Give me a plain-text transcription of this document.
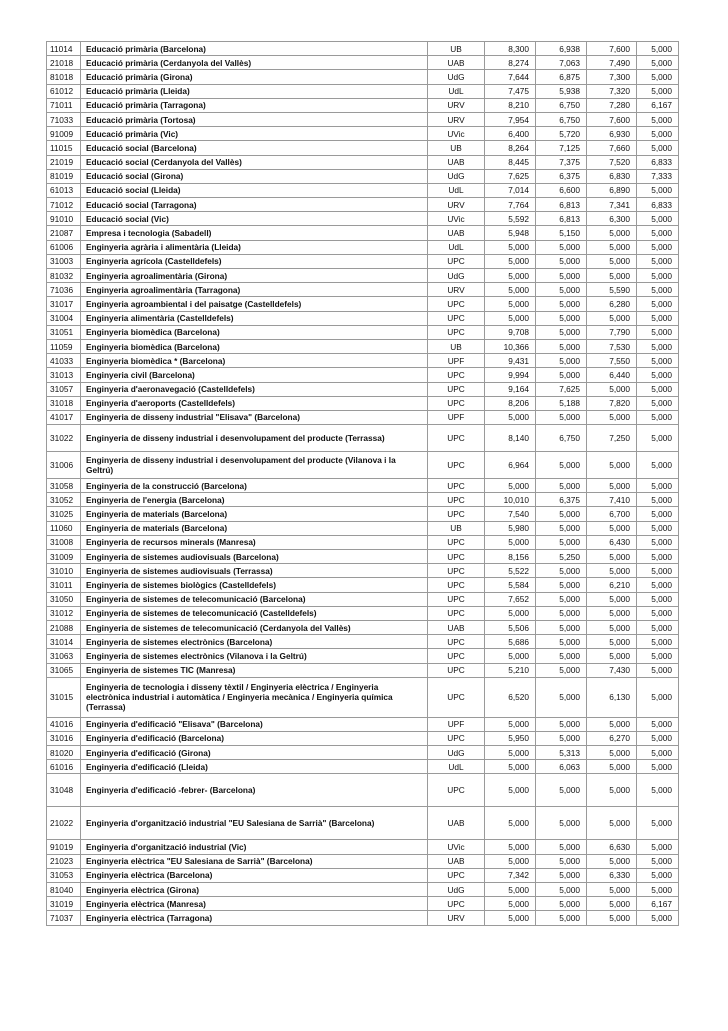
11014	Educació primària (Barcelona)	UB	8,300	6,938	7,600	5,000
21018	Educació primària (Cerdanyola del Vallès)	UAB	8,274	7,063	7,490	5,000
81018	Educació primària (Girona)	UdG	7,644	6,875	7,300	5,000
61012	Educació primària (Lleida)	UdL	7,475	5,938	7,320	5,000
71011	Educació primària (Tarragona)	URV	8,210	6,750	7,280	6,167
71033	Educació primària (Tortosa)	URV	7,954	6,750	7,600	5,000
91009	Educació primària (Vic)	UVic	6,400	5,720	6,930	5,000
11015	Educació social (Barcelona)	UB	8,264	7,125	7,660	5,000
21019	Educació social (Cerdanyola del Vallès)	UAB	8,445	7,375	7,520	6,833
81019	Educació social (Girona)	UdG	7,625	6,375	6,830	7,333
61013	Educació social (Lleida)	UdL	7,014	6,600	6,890	5,000
71012	Educació social (Tarragona)	URV	7,764	6,813	7,341	6,833
91010	Educació social (Vic)	UVic	5,592	6,813	6,300	5,000
21087	Empresa i tecnologia (Sabadell)	UAB	5,948	5,150	5,000	5,000
61006	Enginyeria agrària i alimentària (Lleida)	UdL	5,000	5,000	5,000	5,000
31003	Enginyeria agrícola (Castelldefels)	UPC	5,000	5,000	5,000	5,000
81032	Enginyeria agroalimentària (Girona)	UdG	5,000	5,000	5,000	5,000
71036	Enginyeria agroalimentària (Tarragona)	URV	5,000	5,000	5,590	5,000
31017	Enginyeria agroambiental i del paisatge (Castelldefels)	UPC	5,000	5,000	6,280	5,000
31004	Enginyeria alimentària (Castelldefels)	UPC	5,000	5,000	5,000	5,000
31051	Enginyeria biomèdica (Barcelona)	UPC	9,708	5,000	7,790	5,000
11059	Enginyeria biomèdica (Barcelona)	UB	10,366	5,000	7,530	5,000
41033	Enginyeria biomèdica * (Barcelona)	UPF	9,431	5,000	7,550	5,000
31013	Enginyeria civil (Barcelona)	UPC	9,994	5,000	6,440	5,000
31057	Enginyeria d'aeronavegació (Castelldefels)	UPC	9,164	7,625	5,000	5,000
31018	Enginyeria d'aeroports (Castelldefels)	UPC	8,206	5,188	7,820	5,000
41017	Enginyeria de disseny industrial "Elisava" (Barcelona)	UPF	5,000	5,000	5,000	5,000
31022	Enginyeria de disseny industrial i desenvolupament del producte (Terrassa)	UPC	8,140	6,750	7,250	5,000
31006	Enginyeria de disseny industrial i desenvolupament del producte (Vilanova i la Geltrú)	UPC	6,964	5,000	5,000	5,000
31058	Enginyeria de la construcció (Barcelona)	UPC	5,000	5,000	5,000	5,000
31052	Enginyeria de l'energia (Barcelona)	UPC	10,010	6,375	7,410	5,000
31025	Enginyeria de materials (Barcelona)	UPC	7,540	5,000	6,700	5,000
11060	Enginyeria de materials (Barcelona)	UB	5,980	5,000	5,000	5,000
31008	Enginyeria de recursos minerals (Manresa)	UPC	5,000	5,000	6,430	5,000
31009	Enginyeria de sistemes audiovisuals (Barcelona)	UPC	8,156	5,250	5,000	5,000
31010	Enginyeria de sistemes audiovisuals (Terrassa)	UPC	5,522	5,000	5,000	5,000
31011	Enginyeria de sistemes biològics (Castelldefels)	UPC	5,584	5,000	6,210	5,000
31050	Enginyeria de sistemes de telecomunicació (Barcelona)	UPC	7,652	5,000	5,000	5,000
31012	Enginyeria de sistemes de telecomunicació (Castelldefels)	UPC	5,000	5,000	5,000	5,000
21088	Enginyeria de sistemes de telecomunicació (Cerdanyola del Vallès)	UAB	5,506	5,000	5,000	5,000
31014	Enginyeria de sistemes electrònics (Barcelona)	UPC	5,686	5,000	5,000	5,000
31063	Enginyeria de sistemes electrònics (Vilanova i la Geltrú)	UPC	5,000	5,000	5,000	5,000
31065	Enginyeria de sistemes TIC (Manresa)	UPC	5,210	5,000	7,430	5,000
31015	Enginyeria de tecnologia i disseny tèxtil / Enginyeria elèctrica / Enginyeria electrònica industrial i automàtica / Enginyeria mecànica / Enginyeria química (Terrassa)	UPC	6,520	5,000	6,130	5,000
41016	Enginyeria d'edificació "Elisava" (Barcelona)	UPF	5,000	5,000	5,000	5,000
31016	Enginyeria d'edificació (Barcelona)	UPC	5,950	5,000	6,270	5,000
81020	Enginyeria d'edificació (Girona)	UdG	5,000	5,313	5,000	5,000
61016	Enginyeria d'edificació (Lleida)	UdL	5,000	6,063	5,000	5,000
31048	Enginyeria d'edificació -febrer- (Barcelona)	UPC	5,000	5,000	5,000	5,000
21022	Enginyeria d'organització industrial "EU Salesiana de Sarrià" (Barcelona)	UAB	5,000	5,000	5,000	5,000
91019	Enginyeria d'organització industrial (Vic)	UVic	5,000	5,000	6,630	5,000
21023	Enginyeria elèctrica "EU Salesiana de Sarrià" (Barcelona)	UAB	5,000	5,000	5,000	5,000
31053	Enginyeria elèctrica (Barcelona)	UPC	7,342	5,000	6,330	5,000
81040	Enginyeria elèctrica (Girona)	UdG	5,000	5,000	5,000	5,000
31019	Enginyeria elèctrica (Manresa)	UPC	5,000	5,000	5,000	6,167
71037	Enginyeria elèctrica (Tarragona)	URV	5,000	5,000	5,000	5,000
